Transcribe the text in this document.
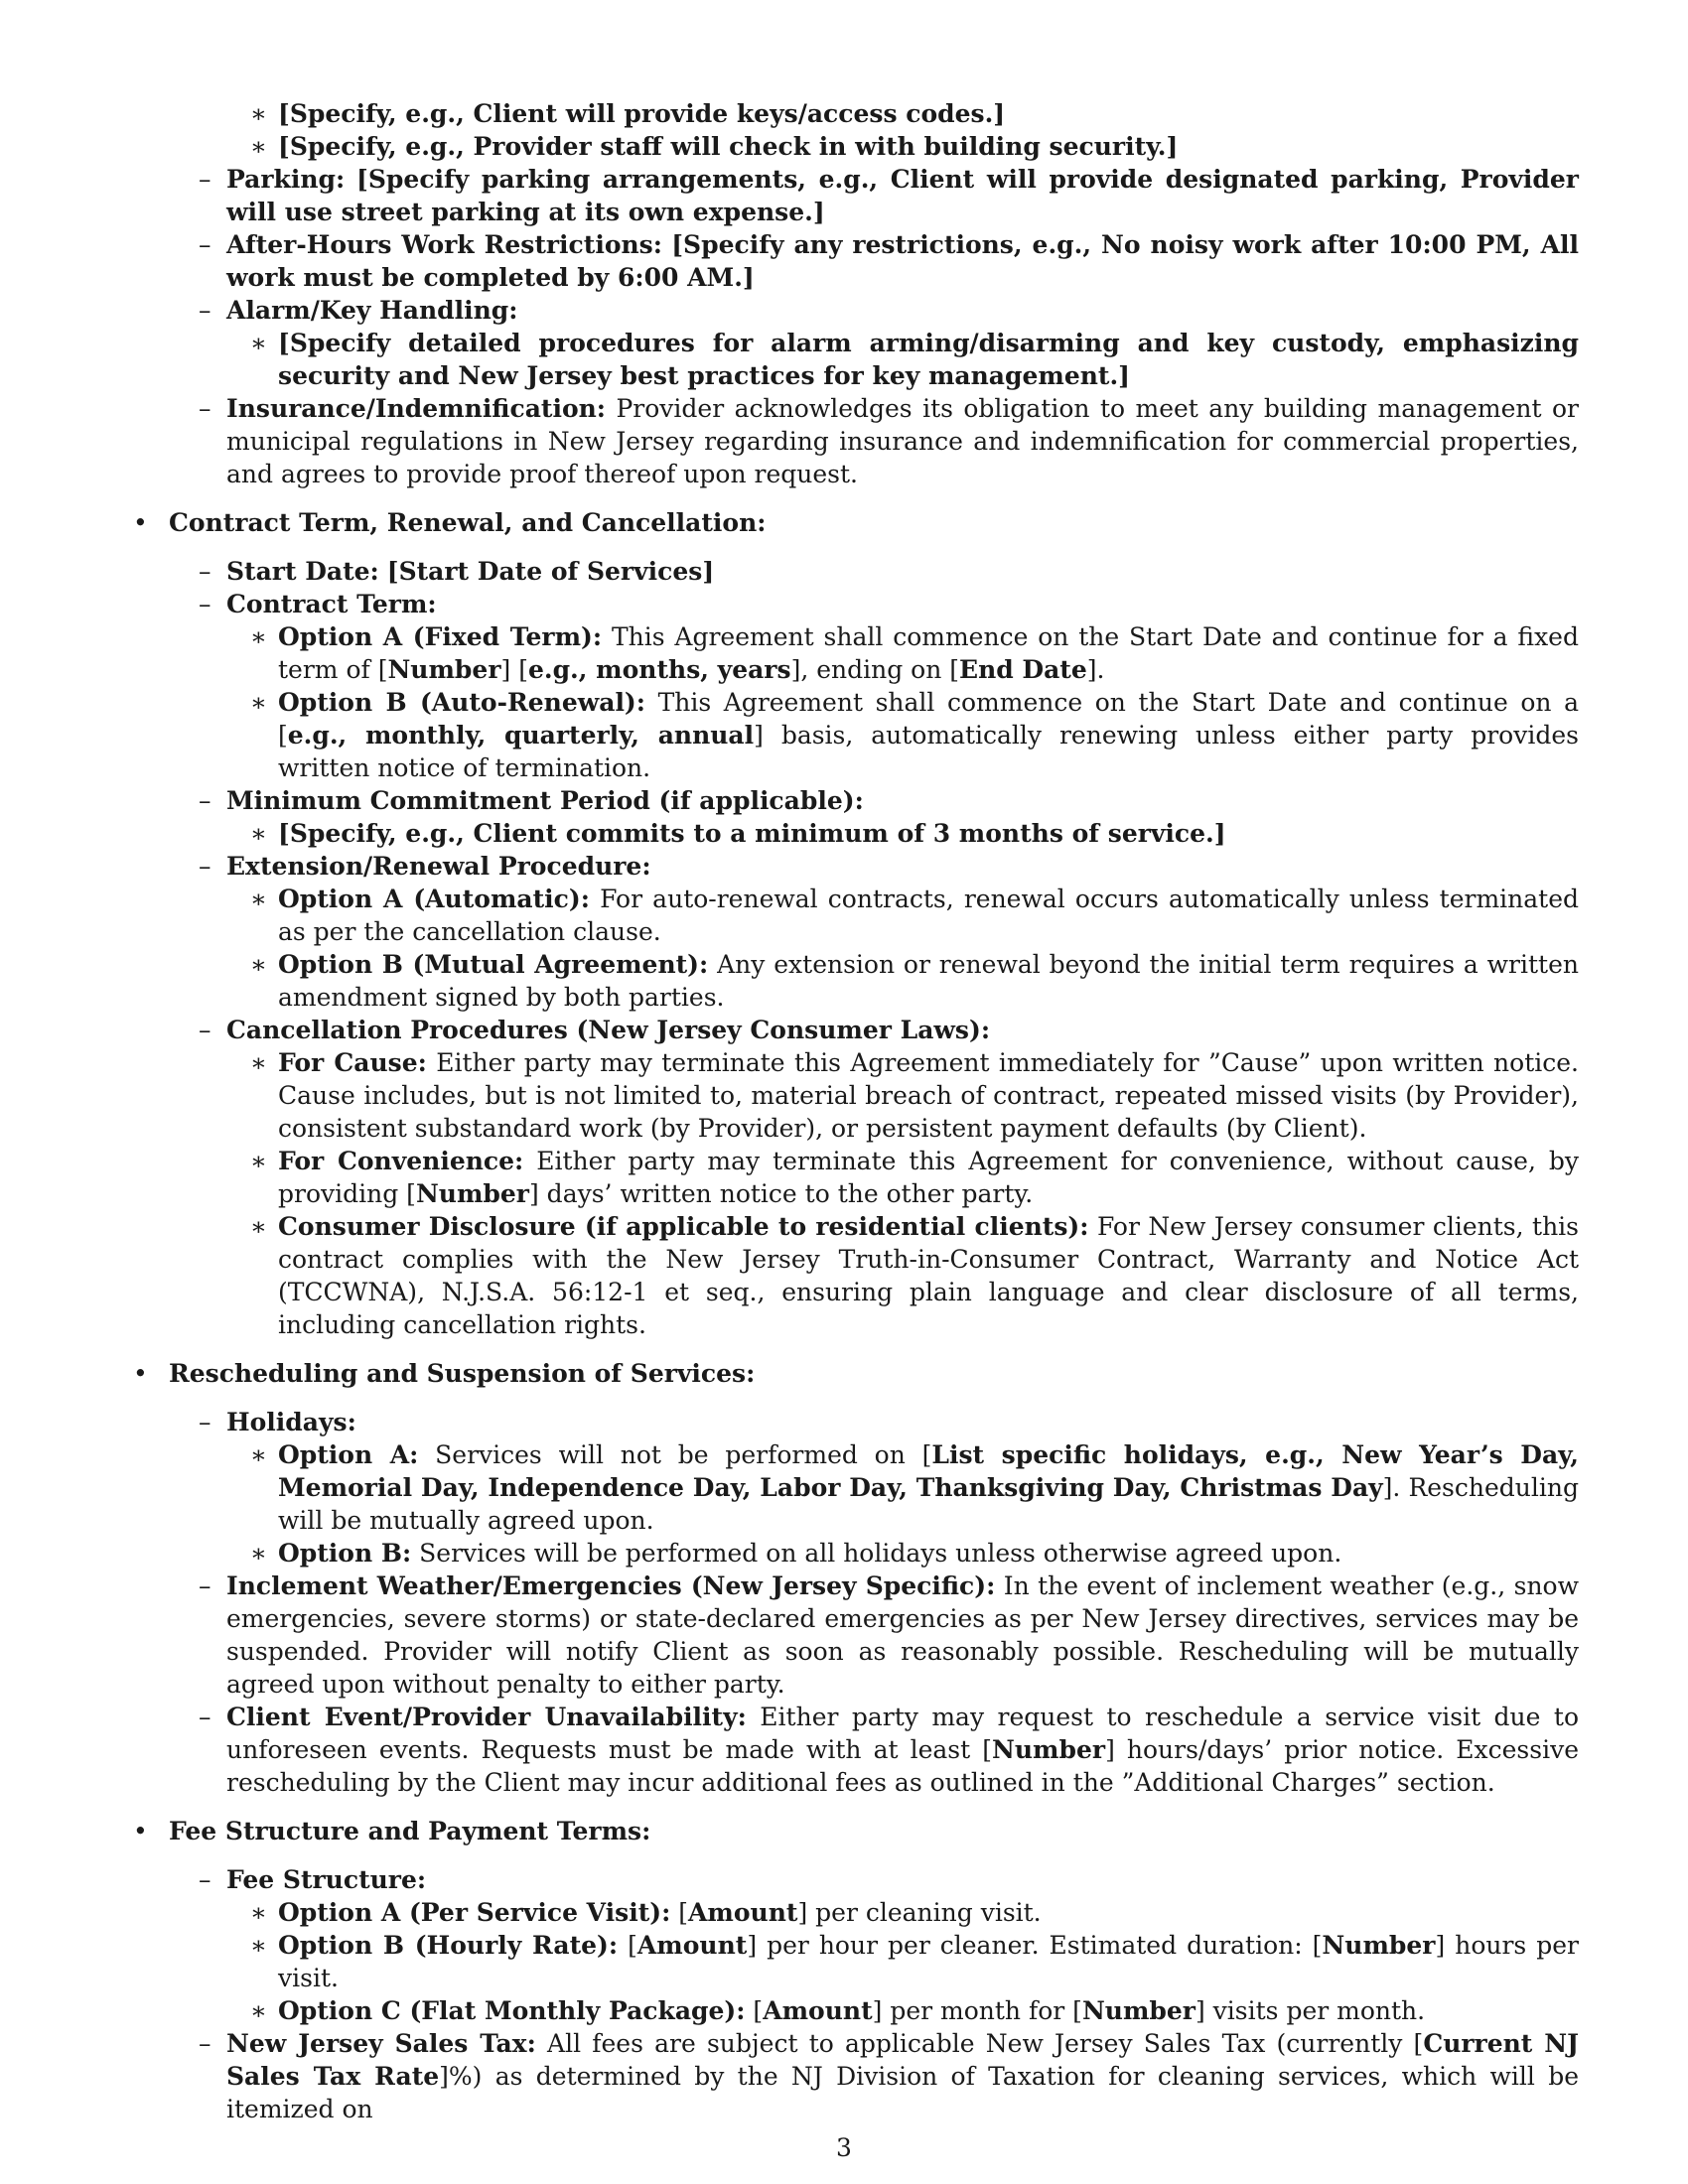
∗ [Specify, e.g., Client will provide keys/access codes.]
∗ [Specify, e.g., Provider staff will check in with building security.]
– Parking: [Specify parking arrangements, e.g., Client will provide designated parking, Provider will use street parking at its own expense.]
– After-Hours Work Restrictions: [Specify any restrictions, e.g., No noisy work after 10:00 PM, All work must be completed by 6:00 AM.]
– Alarm/Key Handling:
∗ [Specify detailed procedures for alarm arming/disarming and key custody, emphasizing security and New Jersey best practices for key management.]
– Insurance/Indemnification: Provider acknowledges its obligation to meet any building management or municipal regulations in New Jersey regarding insurance and indemnification for commercial properties, and agrees to provide proof thereof upon request.
• Contract Term, Renewal, and Cancellation:
– Start Date: [Start Date of Services]
– Contract Term:
∗ Option A (Fixed Term): This Agreement shall commence on the Start Date and continue for a fixed term of [Number] [e.g., months, years], ending on [End Date].
∗ Option B (Auto-Renewal): This Agreement shall commence on the Start Date and continue on a [e.g., monthly, quarterly, annual] basis, automatically renewing unless either party provides written notice of termination.
– Minimum Commitment Period (if applicable):
∗ [Specify, e.g., Client commits to a minimum of 3 months of service.]
– Extension/Renewal Procedure:
∗ Option A (Automatic): For auto-renewal contracts, renewal occurs automatically unless terminated as per the cancellation clause.
∗ Option B (Mutual Agreement): Any extension or renewal beyond the initial term requires a written amendment signed by both parties.
– Cancellation Procedures (New Jersey Consumer Laws):
∗ For Cause: Either party may terminate this Agreement immediately for ”Cause” upon written notice. Cause includes, but is not limited to, material breach of contract, repeated missed visits (by Provider), consistent substandard work (by Provider), or persistent payment defaults (by Client).
∗ For Convenience: Either party may terminate this Agreement for convenience, without cause, by providing [Number] days’ written notice to the other party.
∗ Consumer Disclosure (if applicable to residential clients): For New Jersey consumer clients, this contract complies with the New Jersey Truth-in-Consumer Contract, Warranty and Notice Act (TCCWNA), N.J.S.A. 56:12-1 et seq., ensuring plain language and clear disclosure of all terms, including cancellation rights.
• Rescheduling and Suspension of Services:
– Holidays:
∗ Option A: Services will not be performed on [List specific holidays, e.g., New Year’s Day, Memorial Day, Independence Day, Labor Day, Thanksgiving Day, Christmas Day]. Rescheduling will be mutually agreed upon.
∗ Option B: Services will be performed on all holidays unless otherwise agreed upon.
– Inclement Weather/Emergencies (New Jersey Specific): In the event of inclement weather (e.g., snow emergencies, severe storms) or state-declared emergencies as per New Jersey directives, services may be suspended. Provider will notify Client as soon as reasonably possible. Rescheduling will be mutually agreed upon without penalty to either party.
– Client Event/Provider Unavailability: Either party may request to reschedule a service visit due to unforeseen events. Requests must be made with at least [Number] hours/days’ prior notice. Excessive rescheduling by the Client may incur additional fees as outlined in the ”Additional Charges” section.
• Fee Structure and Payment Terms:
– Fee Structure:
∗ Option A (Per Service Visit): [Amount] per cleaning visit.
∗ Option B (Hourly Rate): [Amount] per hour per cleaner. Estimated duration: [Number] hours per visit.
∗ Option C (Flat Monthly Package): [Amount] per month for [Number] visits per month.
– New Jersey Sales Tax: All fees are subject to applicable New Jersey Sales Tax (currently [Current NJ Sales Tax Rate]%) as determined by the NJ Division of Taxation for cleaning services, which will be itemized on
3
